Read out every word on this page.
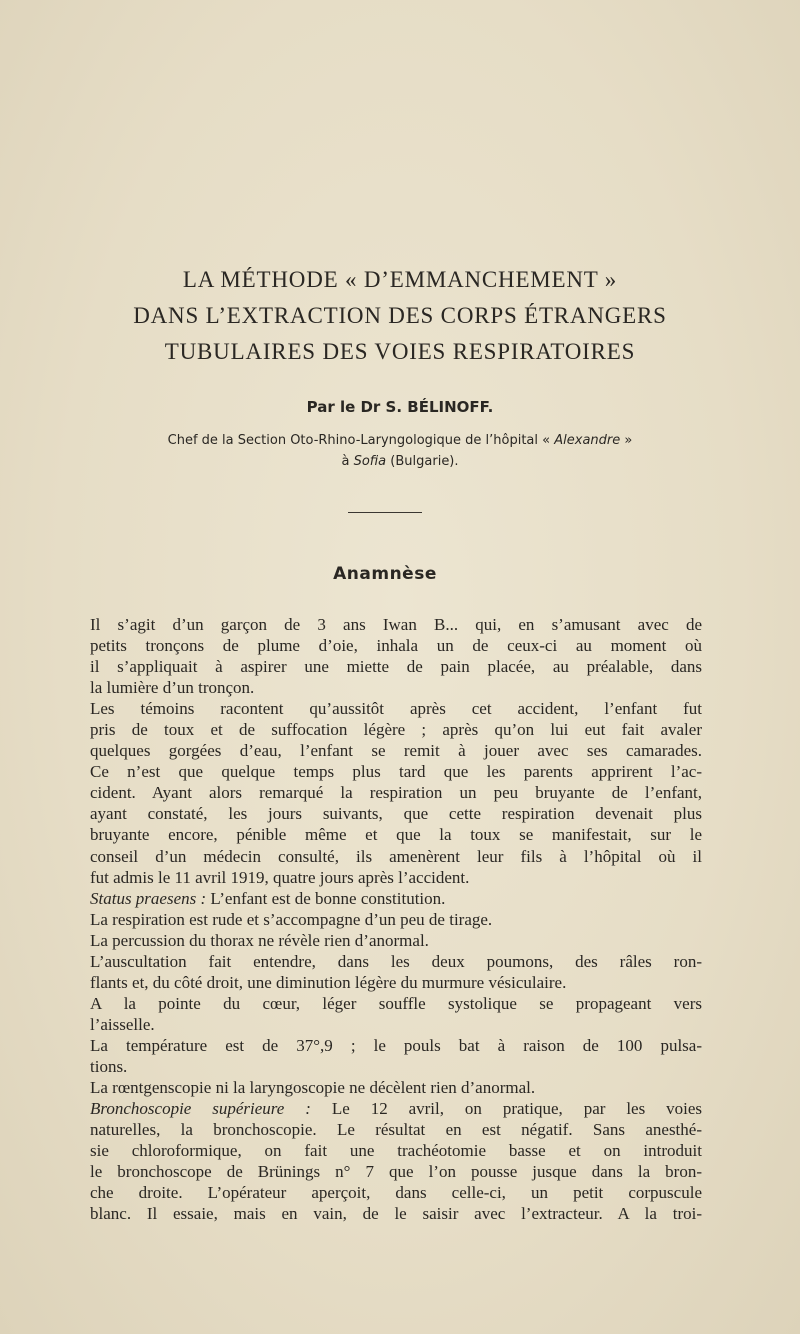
LA MÉTHODE « D’EMMANCHEMENT »
DANS L’EXTRACTION DES CORPS ÉTRANGERS
TUBULAIRES DES VOIES RESPIRATOIRES
Par le Dr S. BÉLINOFF.
Chef de la Section Oto-Rhino-Laryngologique de l’hôpital « Alexandre »
à Sofia (Bulgarie).
Anamnèse
Il s’agit d’un garçon de 3 ans Iwan B... qui, en s’amusant avec de
petits tronçons de plume d’oie, inhala un de ceux-ci au moment où
il s’appliquait à aspirer une miette de pain placée, au préalable, dans
la lumière d’un tronçon.
Les témoins racontent qu’aussitôt après cet accident, l’enfant fut
pris de toux et de suffocation légère ; après qu’on lui eut fait avaler
quelques gorgées d’eau, l’enfant se remit à jouer avec ses camarades.
Ce n’est que quelque temps plus tard que les parents apprirent l’ac-
cident. Ayant alors remarqué la respiration un peu bruyante de l’enfant,
ayant constaté, les jours suivants, que cette respiration devenait plus
bruyante encore, pénible même et que la toux se manifestait, sur le
conseil d’un médecin consulté, ils amenèrent leur fils à l’hôpital où il
fut admis le 11 avril 1919, quatre jours après l’accident.
Status praesens : L’enfant est de bonne constitution.
La respiration est rude et s’accompagne d’un peu de tirage.
La percussion du thorax ne révèle rien d’anormal.
L’auscultation fait entendre, dans les deux poumons, des râles ron-
flants et, du côté droit, une diminution légère du murmure vésiculaire.
A la pointe du cœur, léger souffle systolique se propageant vers
l’aisselle.
La température est de 37°,9 ; le pouls bat à raison de 100 pulsa-
tions.
La rœntgenscopie ni la laryngoscopie ne décèlent rien d’anormal.
Bronchoscopie supérieure : Le 12 avril, on pratique, par les voies
naturelles, la bronchoscopie. Le résultat en est négatif. Sans anesthé-
sie chloroformique, on fait une trachéotomie basse et on introduit
le bronchoscope de Brünings n° 7 que l’on pousse jusque dans la bron-
che droite. L’opérateur aperçoit, dans celle-ci, un petit corpuscule
blanc. Il essaie, mais en vain, de le saisir avec l’extracteur. A la troi-
